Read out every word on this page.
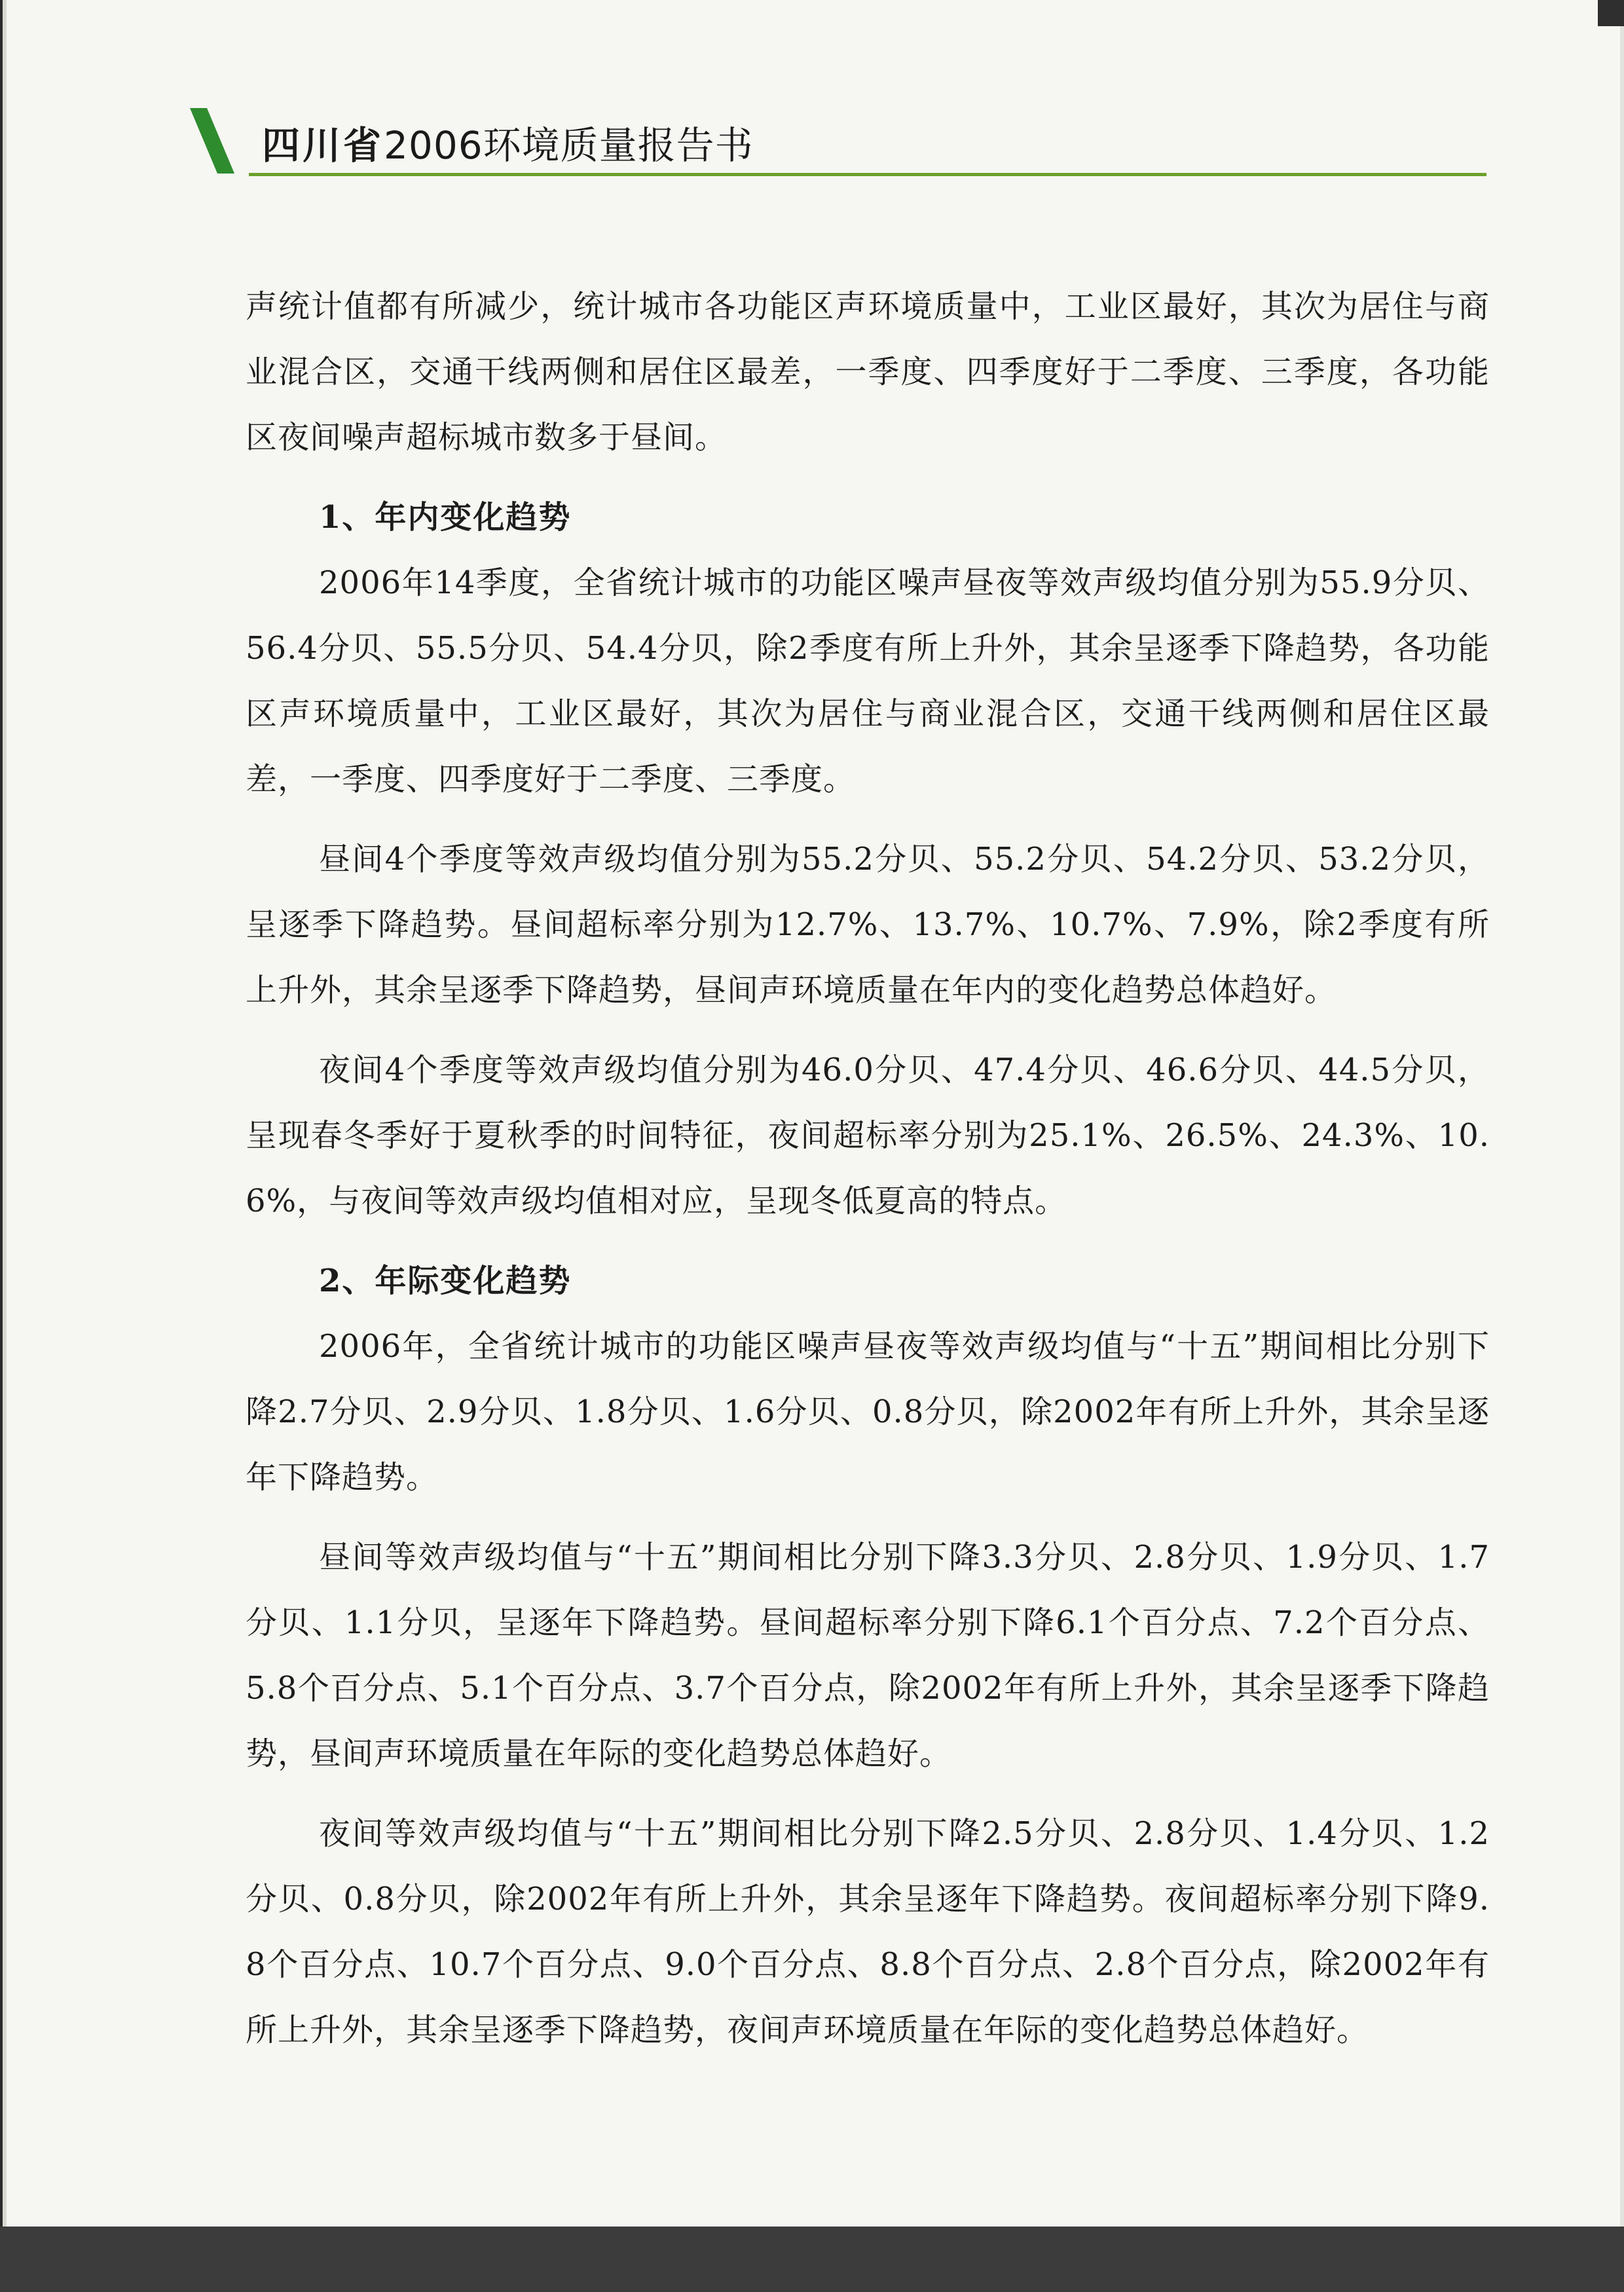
四川省2006环境质量报告书

声统计值都有所减少，统计城市各功能区声环境质量中，工业区最好，其次为居住与商业混合区，交通干线两侧和居住区最差，一季度、四季度好于二季度、三季度，各功能区夜间噪声超标城市数多于昼间。

1、年内变化趋势

2006年14季度，全省统计城市的功能区噪声昼夜等效声级均值分别为55.9分贝、56.4分贝、55.5分贝、54.4分贝，除2季度有所上升外，其余呈逐季下降趋势，各功能区声环境质量中，工业区最好，其次为居住与商业混合区，交通干线两侧和居住区最差，一季度、四季度好于二季度、三季度。

昼间4个季度等效声级均值分别为55.2分贝、55.2分贝、54.2分贝、53.2分贝，呈逐季下降趋势。昼间超标率分别为12.7%、13.7%、10.7%、7.9%，除2季度有所上升外，其余呈逐季下降趋势，昼间声环境质量在年内的变化趋势总体趋好。

夜间4个季度等效声级均值分别为46.0分贝、47.4分贝、46.6分贝、44.5分贝，呈现春冬季好于夏秋季的时间特征，夜间超标率分别为25.1%、26.5%、24.3%、10.6%，与夜间等效声级均值相对应，呈现冬低夏高的特点。

2、年际变化趋势

2006年，全省统计城市的功能区噪声昼夜等效声级均值与“十五”期间相比分别下降2.7分贝、2.9分贝、1.8分贝、1.6分贝、0.8分贝，除2002年有所上升外，其余呈逐年下降趋势。

昼间等效声级均值与“十五”期间相比分别下降3.3分贝、2.8分贝、1.9分贝、1.7分贝、1.1分贝，呈逐年下降趋势。昼间超标率分别下降6.1个百分点、7.2个百分点、5.8个百分点、5.1个百分点、3.7个百分点，除2002年有所上升外，其余呈逐季下降趋势，昼间声环境质量在年际的变化趋势总体趋好。

夜间等效声级均值与“十五”期间相比分别下降2.5分贝、2.8分贝、1.4分贝、1.2分贝、0.8分贝，除2002年有所上升外，其余呈逐年下降趋势。夜间超标率分别下降9.8个百分点、10.7个百分点、9.0个百分点、8.8个百分点、2.8个百分点，除2002年有所上升外，其余呈逐季下降趋势，夜间声环境质量在年际的变化趋势总体趋好。
